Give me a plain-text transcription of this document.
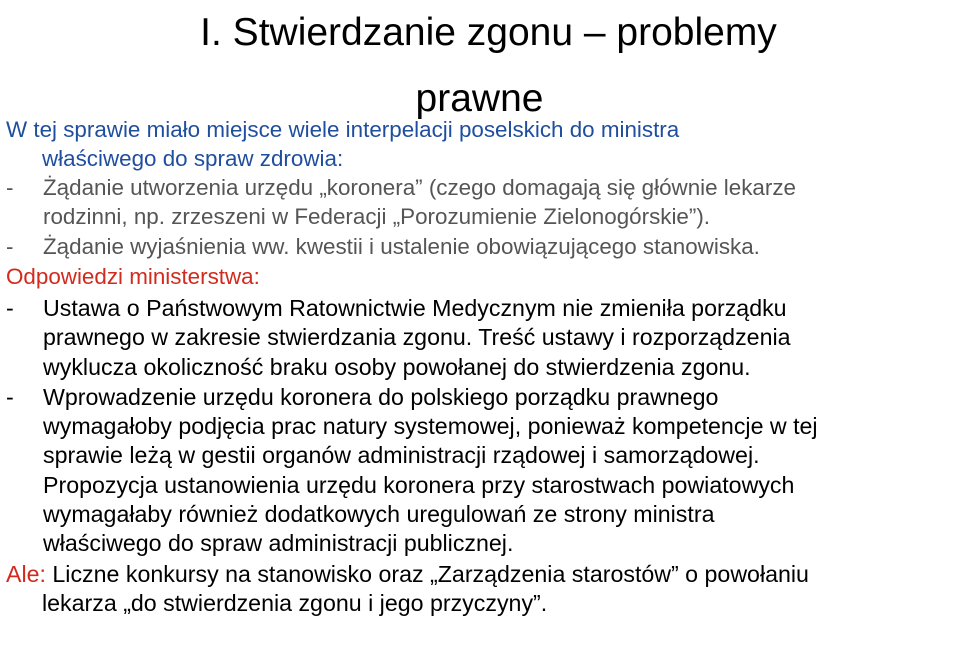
I. Stwierdzanie zgonu – problemy
prawne
W tej sprawie miało miejsce wiele interpelacji poselskich do ministra

właściwego do spraw zdrowia:
-	Żądanie utworzenia urzędu „koronera” (czego domagają się głównie lekarze
rodzinni, np. zrzeszeni w Federacji „Porozumienie Zielonogórskie”).
-	Żądanie wyjaśnienia ww. kwestii i ustalenie obowiązującego stanowiska.
Odpowiedzi ministerstwa:
-	Ustawa o Państwowym Ratownictwie Medycznym nie zmieniła porządku
prawnego w zakresie stwierdzania zgonu. Treść ustawy i rozporządzenia
wyklucza okoliczność braku osoby powołanej do stwierdzenia zgonu.
-	Wprowadzenie urzędu koronera do polskiego porządku prawnego
wymagałoby podjęcia prac natury systemowej, ponieważ kompetencje w tej
sprawie leżą w gestii organów administracji rządowej i samorządowej.
Propozycja ustanowienia urzędu koronera przy starostwach powiatowych
wymagałaby również dodatkowych uregulowań ze strony ministra
właściwego do spraw administracji publicznej.
Ale: Liczne konkursy na stanowisko oraz „Zarządzenia starostów” o powołaniu

lekarza „do stwierdzenia zgonu i jego przyczyny”.
